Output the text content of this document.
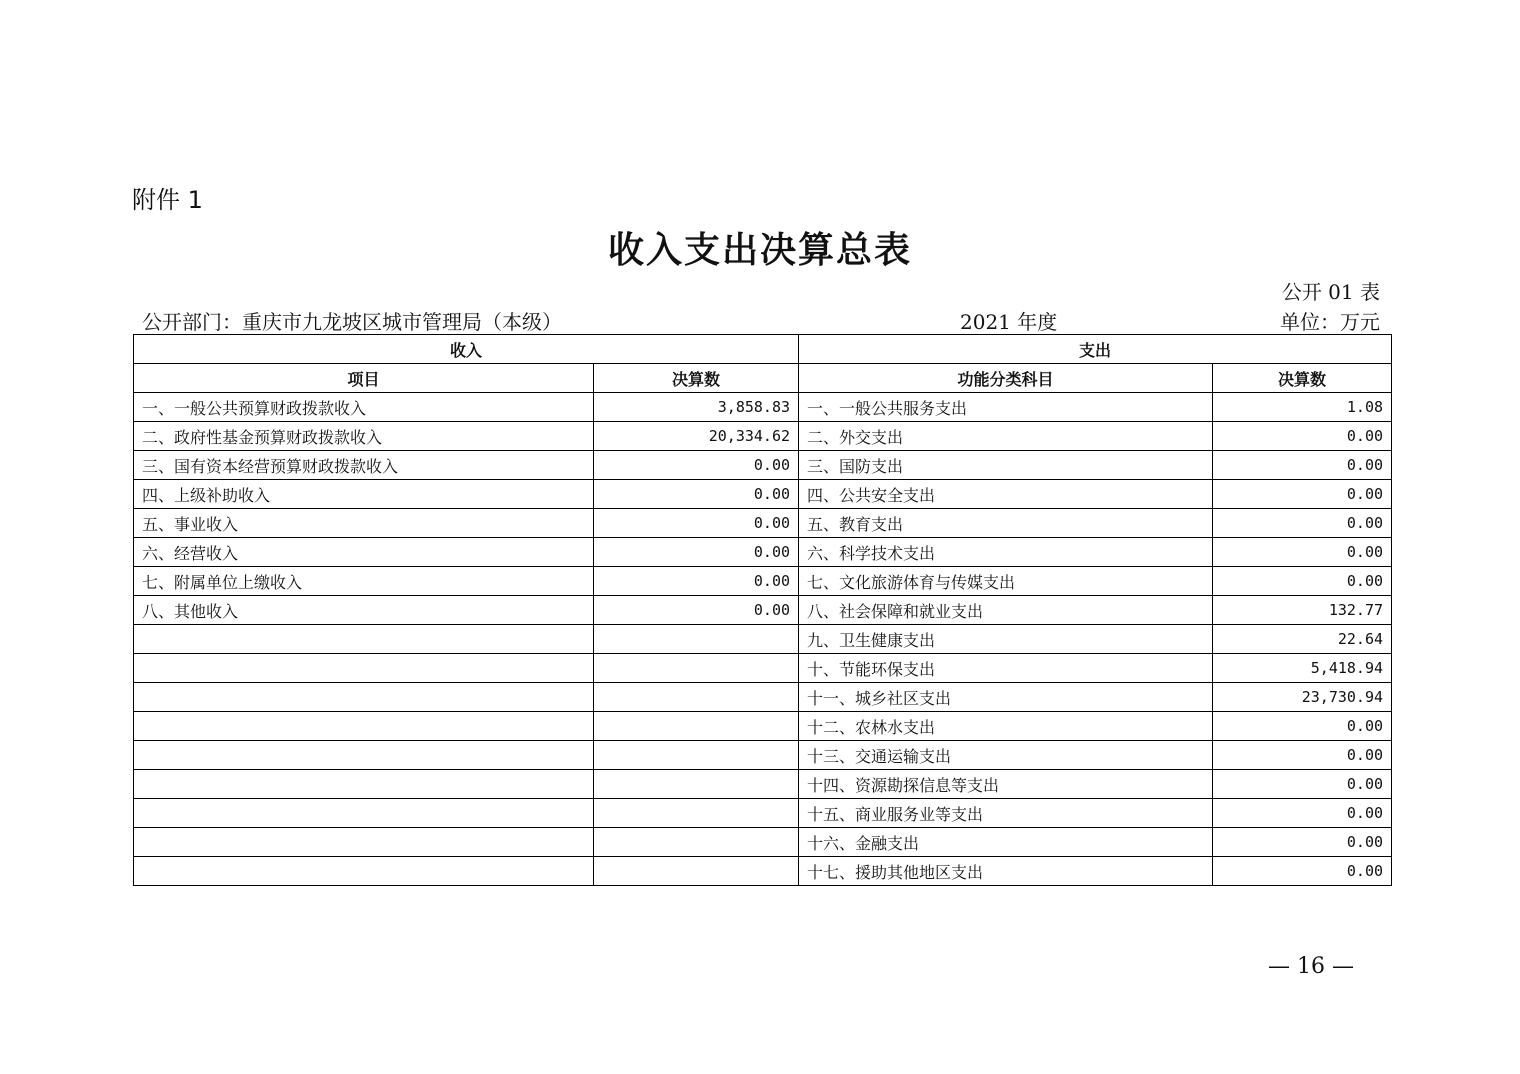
附件 1
收入支出决算总表
公开 01 表
公开部门：重庆市九龙坡区城市管理局（本级）	2021 年度	单位：万元
收入		支出	
项目	决算数	功能分类科目	决算数
一、一般公共预算财政拨款收入	3,858.83	一、一般公共服务支出	1.08
二、政府性基金预算财政拨款收入	20,334.62	二、外交支出	0.00
三、国有资本经营预算财政拨款收入	0.00	三、国防支出	0.00
四、上级补助收入	0.00	四、公共安全支出	0.00
五、事业收入	0.00	五、教育支出	0.00
六、经营收入	0.00	六、科学技术支出	0.00
七、附属单位上缴收入	0.00	七、文化旅游体育与传媒支出	0.00
八、其他收入	0.00	八、社会保障和就业支出	132.77
		九、卫生健康支出	22.64
		十、节能环保支出	5,418.94
		十一、城乡社区支出	23,730.94
		十二、农林水支出	0.00
		十三、交通运输支出	0.00
		十四、资源勘探信息等支出	0.00
		十五、商业服务业等支出	0.00
		十六、金融支出	0.00
		十七、援助其他地区支出	0.00
— 16 —
